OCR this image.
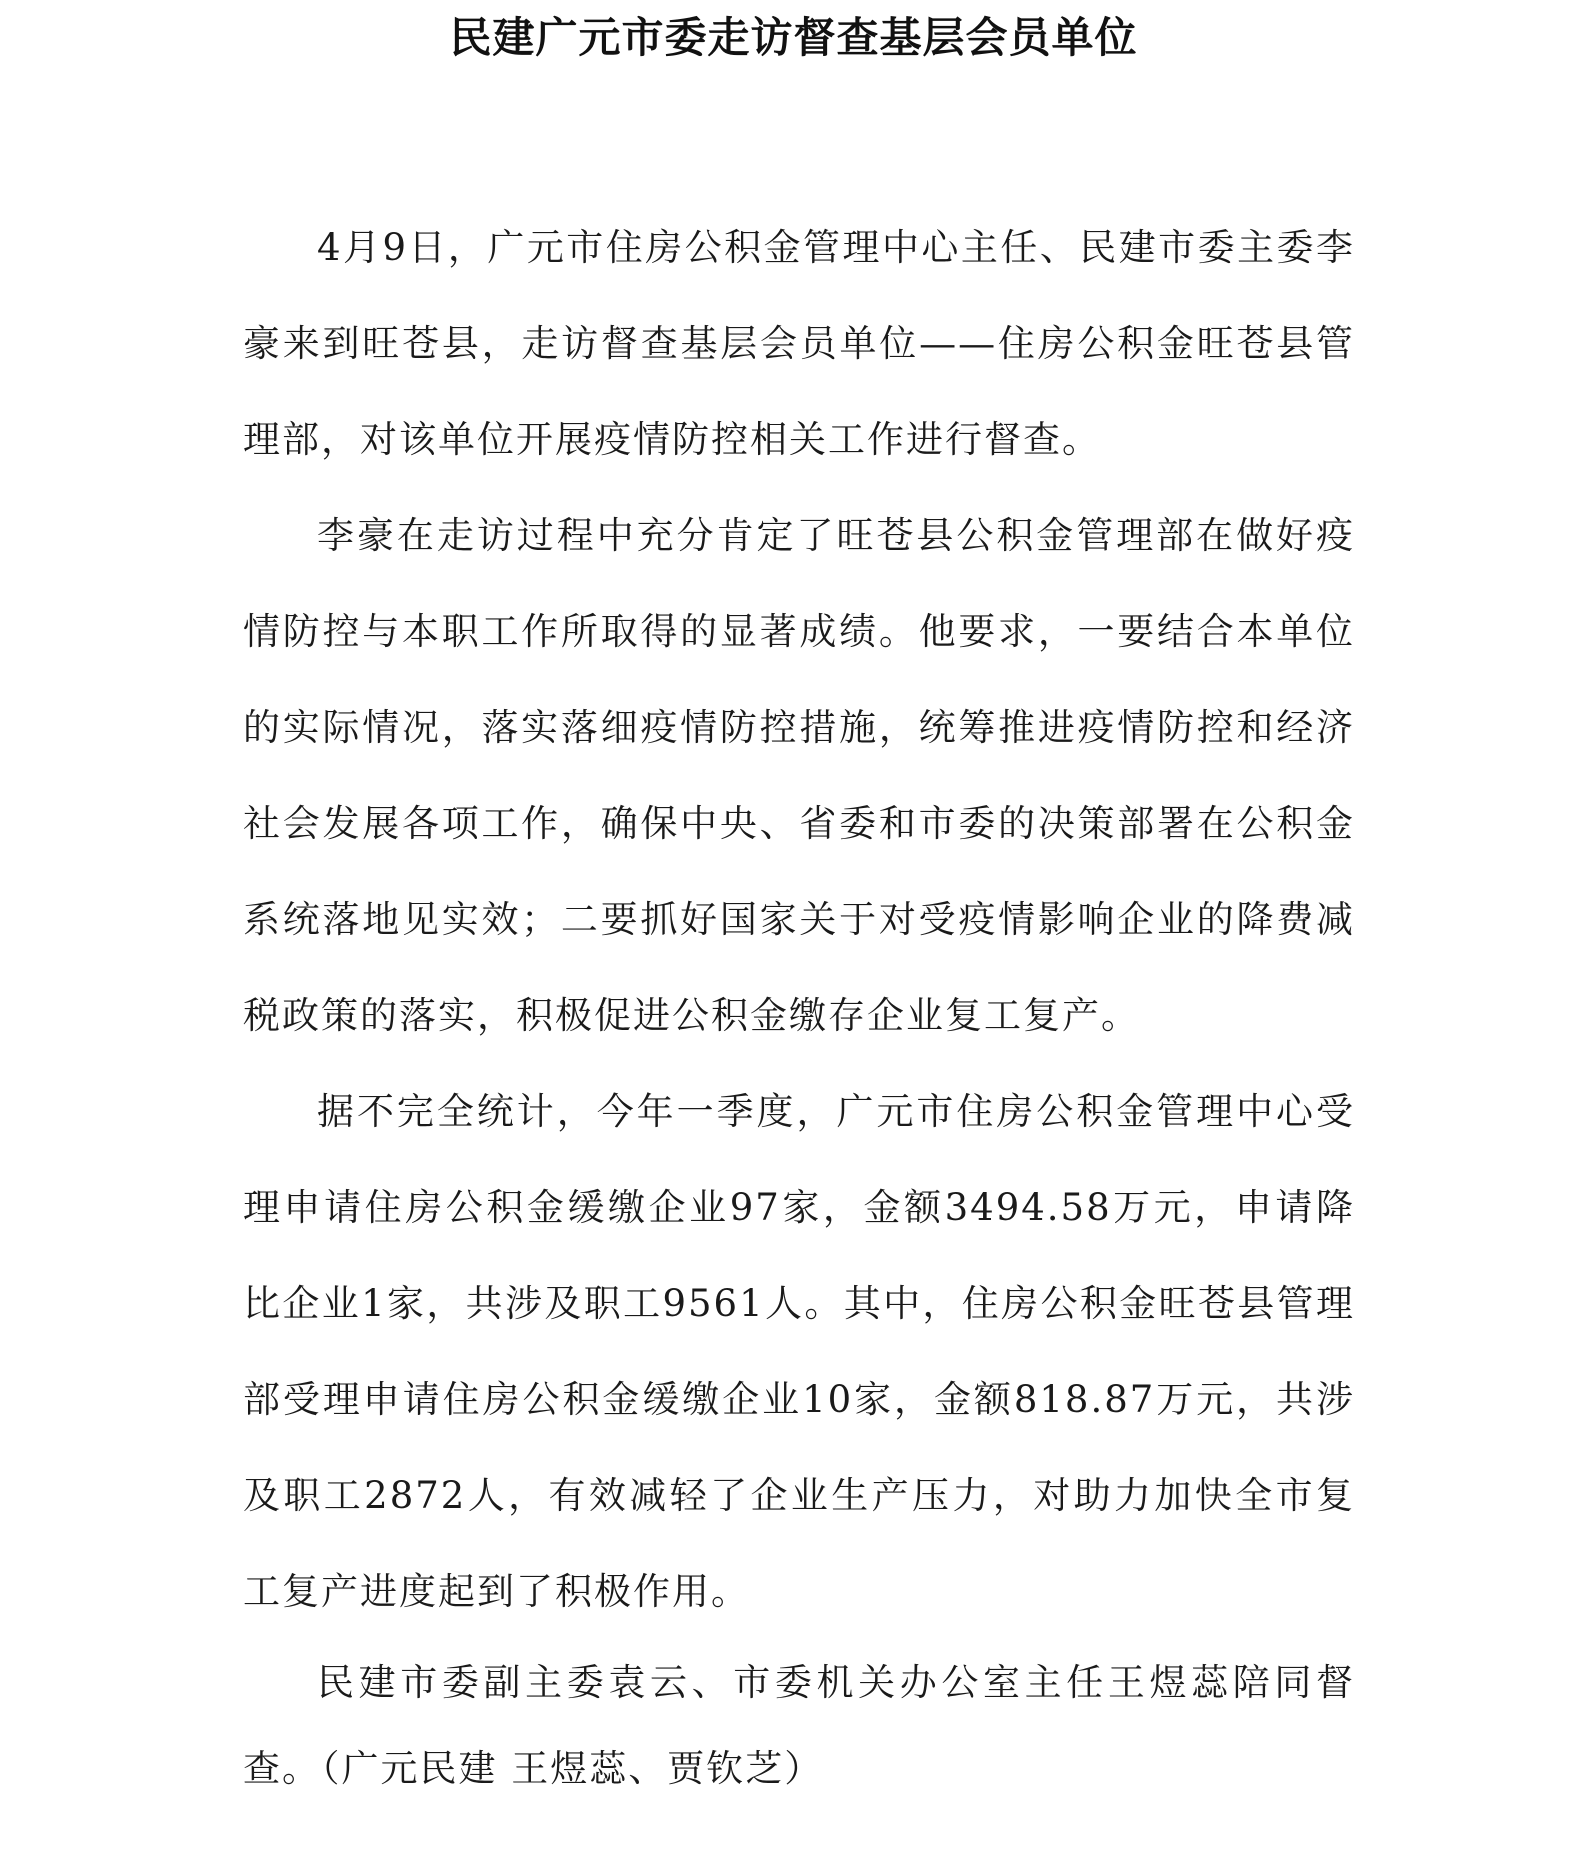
民建广元市委走访督查基层会员单位

4月9日，广元市住房公积金管理中心主任、民建市委主委李豪来到旺苍县，走访督查基层会员单位——住房公积金旺苍县管理部，对该单位开展疫情防控相关工作进行督查。

李豪在走访过程中充分肯定了旺苍县公积金管理部在做好疫情防控与本职工作所取得的显著成绩。他要求，一要结合本单位的实际情况，落实落细疫情防控措施，统筹推进疫情防控和经济社会发展各项工作，确保中央、省委和市委的决策部署在公积金系统落地见实效；二要抓好国家关于对受疫情影响企业的降费减税政策的落实，积极促进公积金缴存企业复工复产。

据不完全统计，今年一季度，广元市住房公积金管理中心受理申请住房公积金缓缴企业97家，金额3494.58万元，申请降比企业1家，共涉及职工9561人。其中，住房公积金旺苍县管理部受理申请住房公积金缓缴企业10家，金额818.87万元，共涉及职工2872人，有效减轻了企业生产压力，对助力加快全市复工复产进度起到了积极作用。

民建市委副主委袁云、市委机关办公室主任王煜蕊陪同督查。（广元民建 王煜蕊、贾钦芝）
